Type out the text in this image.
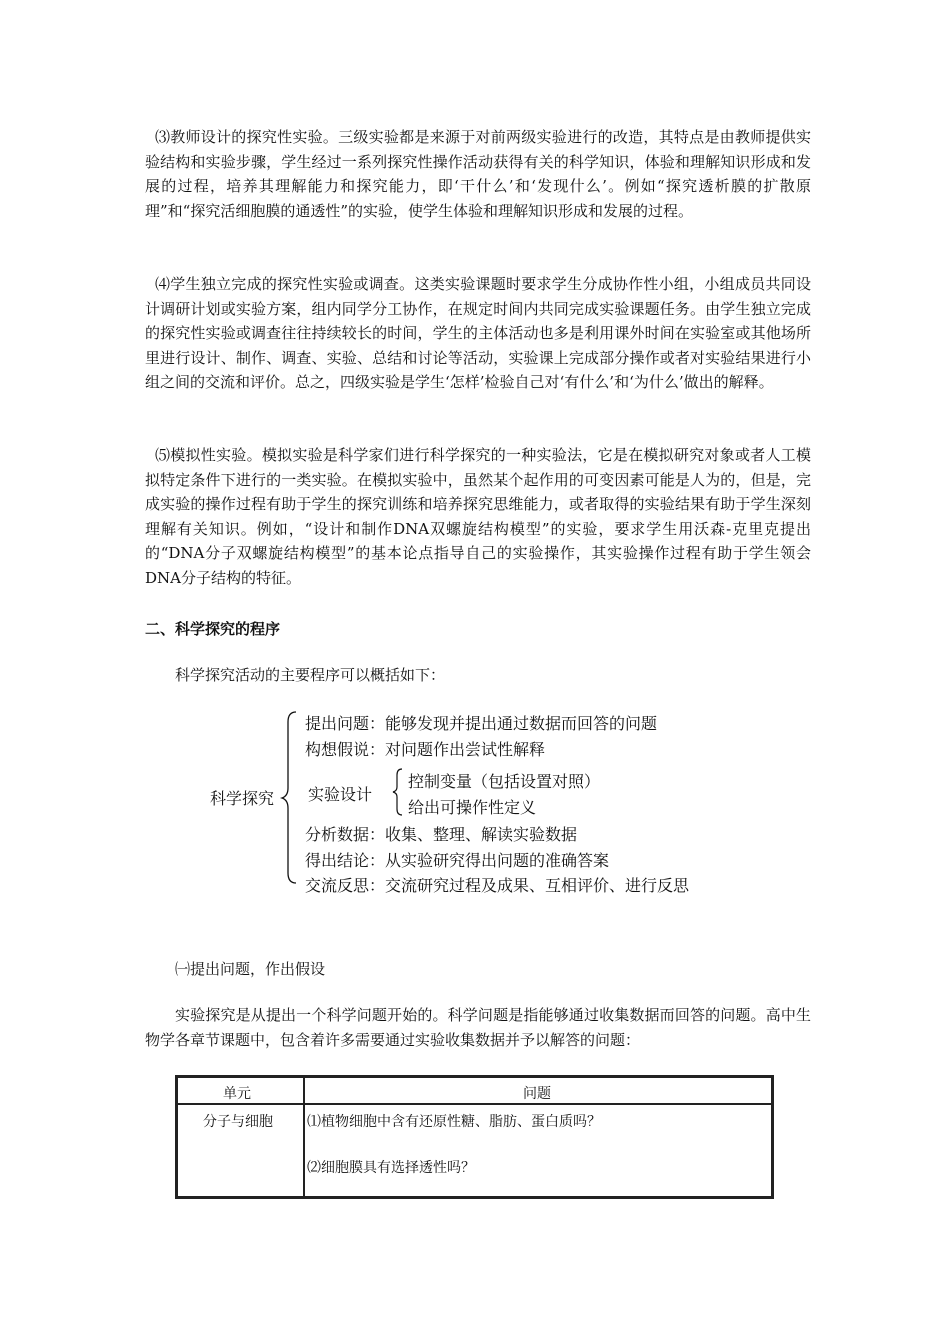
⑶教师设计的探究性实验。三级实验都是来源于对前两级实验进行的改造，其特点是由教师提供实验结构和实验步骤，学生经过一系列探究性操作活动获得有关的科学知识，体验和理解知识形成和发展的过程，培养其理解能力和探究能力，即‘干什么’和‘发现什么’。例如“探究透析膜的扩散原理”和“探究活细胞膜的通透性”的实验，使学生体验和理解知识形成和发展的过程。

⑷学生独立完成的探究性实验或调查。这类实验课题时要求学生分成协作性小组，小组成员共同设计调研计划或实验方案，组内同学分工协作，在规定时间内共同完成实验课题任务。由学生独立完成的探究性实验或调查往往持续较长的时间，学生的主体活动也多是利用课外时间在实验室或其他场所里进行设计、制作、调查、实验、总结和讨论等活动，实验课上完成部分操作或者对实验结果进行小组之间的交流和评价。总之，四级实验是学生‘怎样’检验自己对‘有什么’和‘为什么’做出的解释。

⑸模拟性实验。模拟实验是科学家们进行科学探究的一种实验法，它是在模拟研究对象或者人工模拟特定条件下进行的一类实验。在模拟实验中，虽然某个起作用的可变因素可能是人为的，但是，完成实验的操作过程有助于学生的探究训练和培养探究思维能力，或者取得的实验结果有助于学生深刻理解有关知识。例如，“设计和制作DNA双螺旋结构模型”的实验，要求学生用沃森-克里克提出的“DNA分子双螺旋结构模型”的基本论点指导自己的实验操作，其实验操作过程有助于学生领会DNA分子结构的特征。

二、科学探究的程序

科学探究活动的主要程序可以概括如下：

科学探究
提出问题：能够发现并提出通过数据而回答的问题
构想假说：对问题作出尝试性解释
实验设计
控制变量（包括设置对照）
给出可操作性定义
分析数据：收集、整理、解读实验数据
得出结论：从实验研究得出问题的准确答案
交流反思：交流研究过程及成果、互相评价、进行反思

㈠提出问题，作出假设

实验探究是从提出一个科学问题开始的。科学问题是指能够通过收集数据而回答的问题。高中生物学各章节课题中，包含着许多需要通过实验收集数据并予以解答的问题：

单元	问题
分子与细胞 ⑴植物细胞中含有还原性糖、脂肪、蛋白质吗？
⑵细胞膜具有选择透性吗？
